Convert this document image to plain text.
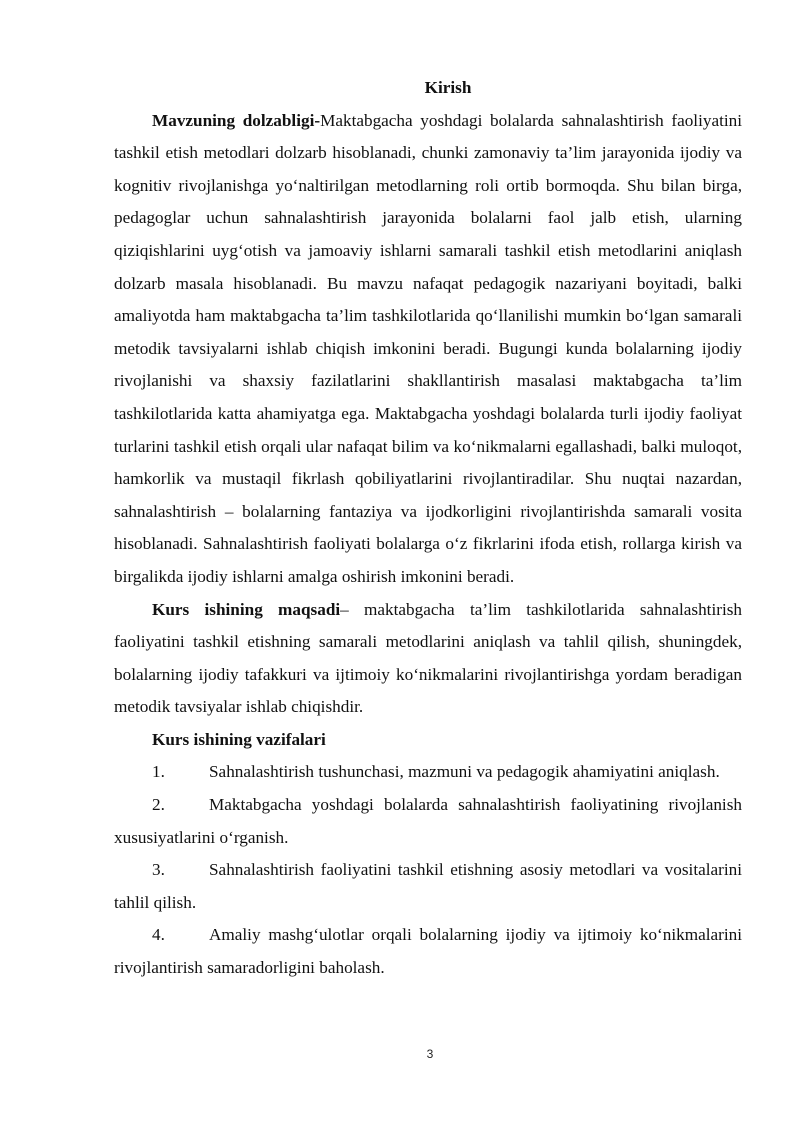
Kirish

Mavzuning dolzabligi-Maktabgacha yoshdagi bolalarda sahnalashtirish faoliyatini tashkil etish metodlari dolzarb hisoblanadi, chunki zamonaviy ta’lim jarayonida ijodiy va kognitiv rivojlanishga yo‘naltirilgan metodlarning roli ortib bormoqda. Shu bilan birga, pedagoglar uchun sahnalashtirish jarayonida bolalarni faol jalb etish, ularning qiziqishlarini uyg‘otish va jamoaviy ishlarni samarali tashkil etish metodlarini aniqlash dolzarb masala hisoblanadi. Bu mavzu nafaqat pedagogik nazariyani boyitadi, balki amaliyotda ham maktabgacha ta’lim tashkilotlarida qo‘llanilishi mumkin bo‘lgan samarali metodik tavsiyalarni ishlab chiqish imkonini beradi. Bugungi kunda bolalarning ijodiy rivojlanishi va shaxsiy fazilatlarini shakllantirish masalasi maktabgacha ta’lim tashkilotlarida katta ahamiyatga ega. Maktabgacha yoshdagi bolalarda turli ijodiy faoliyat turlarini tashkil etish orqali ular nafaqat bilim va ko‘nikmalarni egallashadi, balki muloqot, hamkorlik va mustaqil fikrlash qobiliyatlarini rivojlantiradilar. Shu nuqtai nazardan, sahnalashtirish – bolalarning fantaziya va ijodkorligini rivojlantirishda samarali vosita hisoblanadi. Sahnalashtirish faoliyati bolalarga o‘z fikrlarini ifoda etish, rollarga kirish va birgalikda ijodiy ishlarni amalga oshirish imkonini beradi.

Kurs ishining maqsadi– maktabgacha ta’lim tashkilotlarida sahnalashtirish faoliyatini tashkil etishning samarali metodlarini aniqlash va tahlil qilish, shuningdek, bolalarning ijodiy tafakkuri va ijtimoiy ko‘nikmalarini rivojlantirishga yordam beradigan metodik tavsiyalar ishlab chiqishdir.

Kurs ishining vazifalari

1.	Sahnalashtirish tushunchasi, mazmuni va pedagogik ahamiyatini aniqlash.

2.	Maktabgacha yoshdagi bolalarda sahnalashtirish faoliyatining rivojlanish xususiyatlarini o‘rganish.

3.	Sahnalashtirish faoliyatini tashkil etishning asosiy metodlari va vositalarini tahlil qilish.

4.	Amaliy mashg‘ulotlar orqali bolalarning ijodiy va ijtimoiy ko‘nikmalarini rivojlantirish samaradorligini baholash.

3
